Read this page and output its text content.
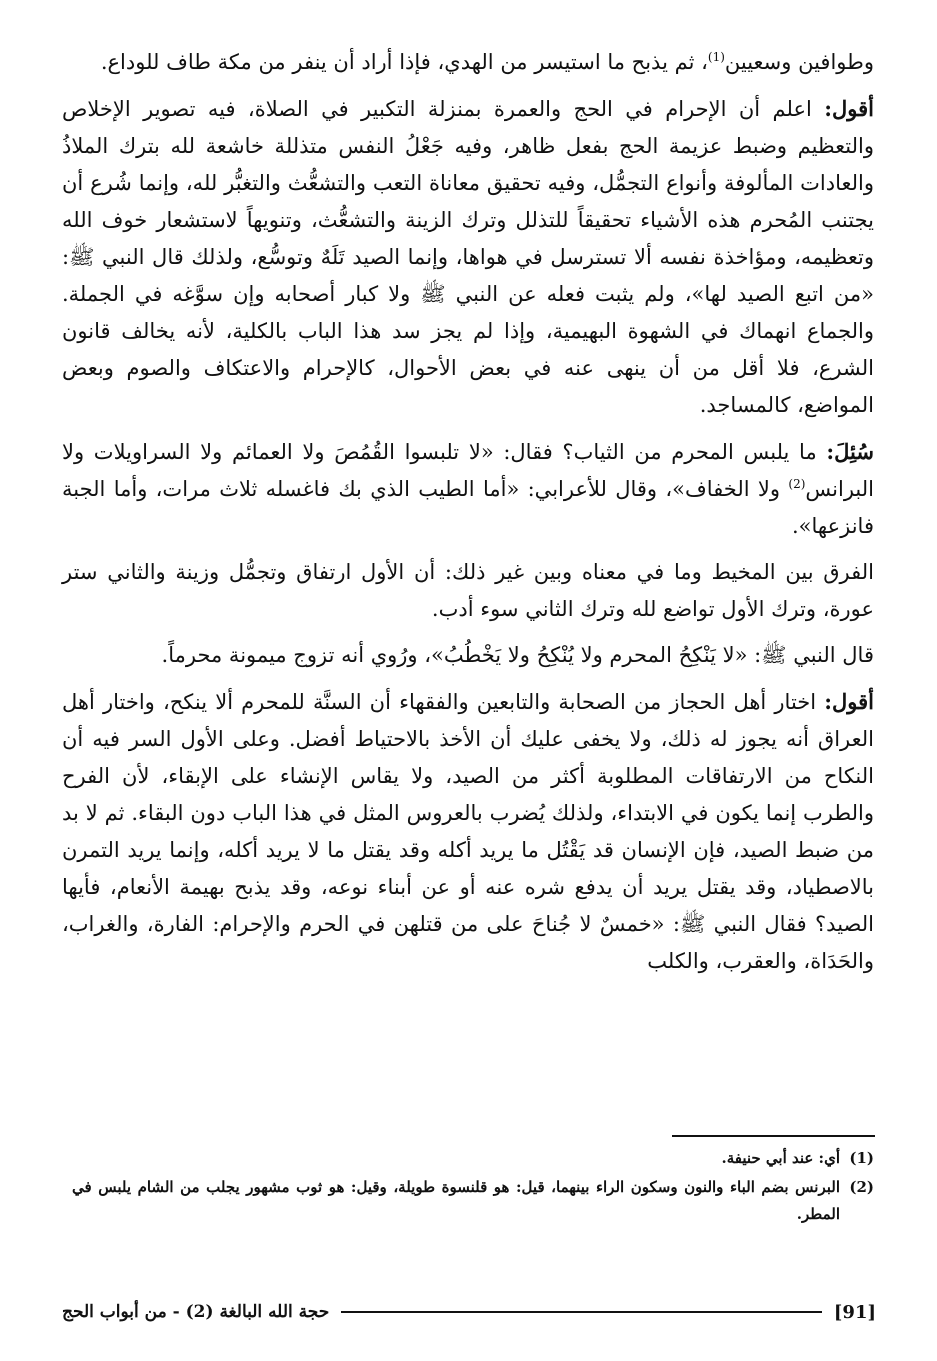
وطوافين وسعيين$^{(1)}$، ثم يذبح ما استيسر من الهدي، فإذا أراد أن ينفر من مكة طاف للوداع.

أقول: اعلم أن الإحرام في الحج والعمرة بمنزلة التكبير في الصلاة، فيه تصوير الإخلاص والتعظيم وضبط عزيمة الحج بفعل ظاهر، وفيه جَعْلُ النفس متذللة خاشعة لله بترك الملاذُ والعادات المألوفة وأنواع التجمُّل، وفيه تحقيق معاناة التعب والتشعُّث والتغبُّر لله، وإنما شُرع أن يجتنب المُحرم هذه الأشياء تحقيقاً للتذلل وترك الزينة والتشعُّث، وتنويهاً لاستشعار خوف الله وتعظيمه، ومؤاخذة نفسه ألا تسترسل في هواها، وإنما الصيد تَلَهٌ وتوسُّع، ولذلك قال النبي ﷺ: «من اتبع الصيد لها»، ولم يثبت فعله عن النبي ﷺ ولا كبار أصحابه وإن سوَّغه في الجملة. والجماع انهماك في الشهوة البهيمية، وإذا لم يجز سد هذا الباب بالكلية، لأنه يخالف قانون الشرع، فلا أقل من أن ينهى عنه في بعض الأحوال، كالإحرام والاعتكاف والصوم وبعض المواضع، كالمساجد.

سُئِلَ: ما يلبس المحرم من الثياب؟ فقال: «لا تلبسوا القُمُصَ ولا العمائم ولا السراويلات ولا البرانس$^{(2)}$ ولا الخفاف»، وقال للأعرابي: «أما الطيب الذي بك فاغسله ثلاث مرات، وأما الجبة فانزعها».

الفرق بين المخيط وما في معناه وبين غير ذلك: أن الأول ارتفاق وتجمُّل وزينة والثاني ستر عورة، وترك الأول تواضع لله وترك الثاني سوء أدب.

قال النبي ﷺ: «لا يَنْكِحُ المحرم ولا يُنْكِحُ ولا يَخْطُبُ»، ورُوي أنه تزوج ميمونة محرماً.

أقول: اختار أهل الحجاز من الصحابة والتابعين والفقهاء أن السنَّة للمحرم ألا ينكح، واختار أهل العراق أنه يجوز له ذلك، ولا يخفى عليك أن الأخذ بالاحتياط أفضل. وعلى الأول السر فيه أن النكاح من الارتفاقات المطلوبة أكثر من الصيد، ولا يقاس الإنشاء على الإبقاء، لأن الفرح والطرب إنما يكون في الابتداء، ولذلك يُضرب بالعروس المثل في هذا الباب دون البقاء. ثم لا بد من ضبط الصيد، فإن الإنسان قد يَقْتُل ما يريد أكله وقد يقتل ما لا يريد أكله، وإنما يريد التمرن بالاصطياد، وقد يقتل يريد أن يدفع شره عنه أو عن أبناء نوعه، وقد يذبح بهيمة الأنعام، فأيها الصيد؟ فقال النبي ﷺ: «خمسٌ لا جُناحَ على من قتلهن في الحرم والإحرام: الفارة، والغراب، والحَدَاة، والعقرب، والكلب

(1)
أي: عند أبي حنيفة.
(2)
البرنس بضم الباء والنون وسكون الراء بينهما، قيل: هو قلنسوة طويلة، وقيل: هو ثوب مشهور يجلب من الشام يلبس في المطر.
حجة الله البالغة (2) - من أبواب الحج	[91]
